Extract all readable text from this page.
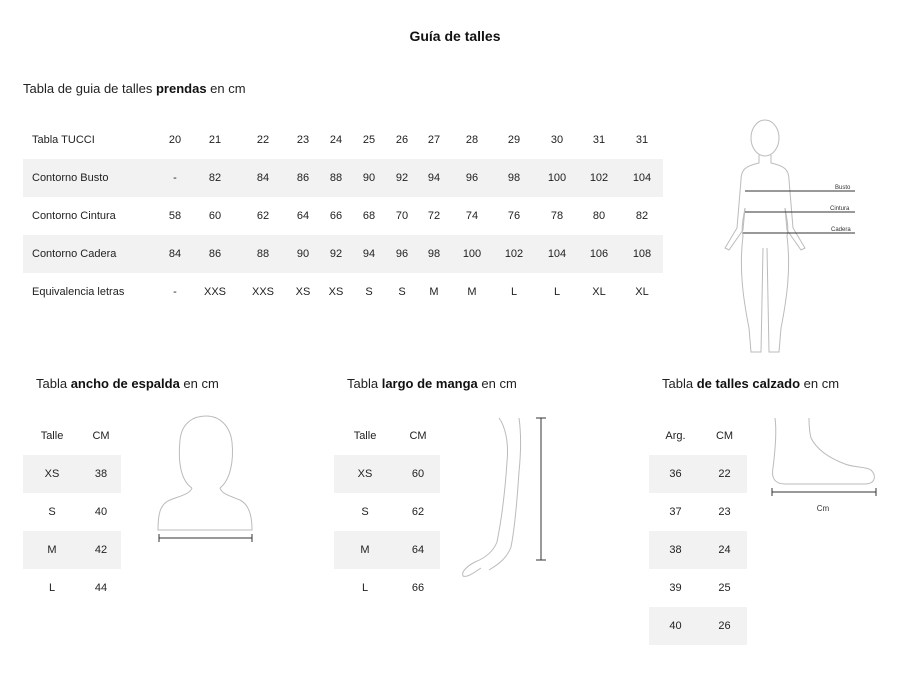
Guía de talles
Tabla de guia de talles prendas en cm
Tabla TUCCI	20	21	22	23	24	25	26	27	28	29	30	31	31
Contorno Busto	-	82	84	86	88	90	92	94	96	98	100	102	104
Contorno Cintura	58	60	62	64	66	68	70	72	74	76	78	80	82
Contorno Cadera	84	86	88	90	92	94	96	98	100	102	104	106	108
Equivalencia letras	-	XXS	XXS	XS	XS	S	S	M	M	L	L	XL	XL
Busto
Cintura
Cadera
Tabla ancho de espalda en cm
Talle	CM
XS	38
S	40
M	42
L	44
Tabla largo de manga en cm
Talle	CM
XS	60
S	62
M	64
L	66
Tabla de talles calzado en cm
Arg.	CM
36	22
37	23
38	24
39	25
40	26
Cm
